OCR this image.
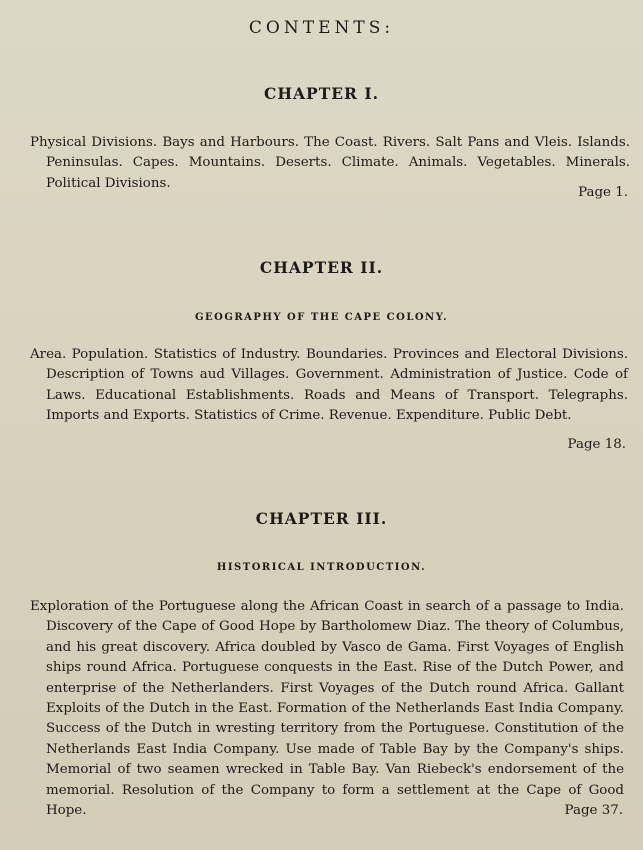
CONTENTS:
CHAPTER I.
Physical Divisions. Bays and Harbours. The Coast. Rivers. Salt Pans and Vleis. Islands. Peninsulas. Capes. Mountains. Deserts. Climate. Animals. Vegetables. Minerals. Political Divisions.
Page 1.
CHAPTER II.
GEOGRAPHY OF THE CAPE COLONY.
Area. Population. Statistics of Industry. Boundaries. Provinces and Electoral Divisions. Description of Towns aud Villages. Government. Administration of Justice. Code of Laws. Educational Establishments. Roads and Means of Transport. Telegraphs. Imports and Exports. Statistics of Crime. Revenue. Expenditure. Public Debt.
Page 18.
CHAPTER III.
HISTORICAL INTRODUCTION.
Exploration of the Portuguese along the African Coast in search of a passage to India. Discovery of the Cape of Good Hope by Bartholomew Diaz. The theory of Columbus, and his great discovery. Africa doubled by Vasco de Gama. First Voyages of English ships round Africa. Portuguese conquests in the East. Rise of the Dutch Power, and enterprise of the Netherlanders. First Voyages of the Dutch round Africa. Gallant Exploits of the Dutch in the East. Formation of the Netherlands East India Company. Success of the Dutch in wresting territory from the Portuguese. Constitution of the Netherlands East India Company. Use made of Table Bay by the Company's ships. Memorial of two seamen wrecked in Table Bay. Van Riebeck's endorsement of the memorial. Resolution of the Company to form a settlement at the Cape of Good Hope.	Page 37.
